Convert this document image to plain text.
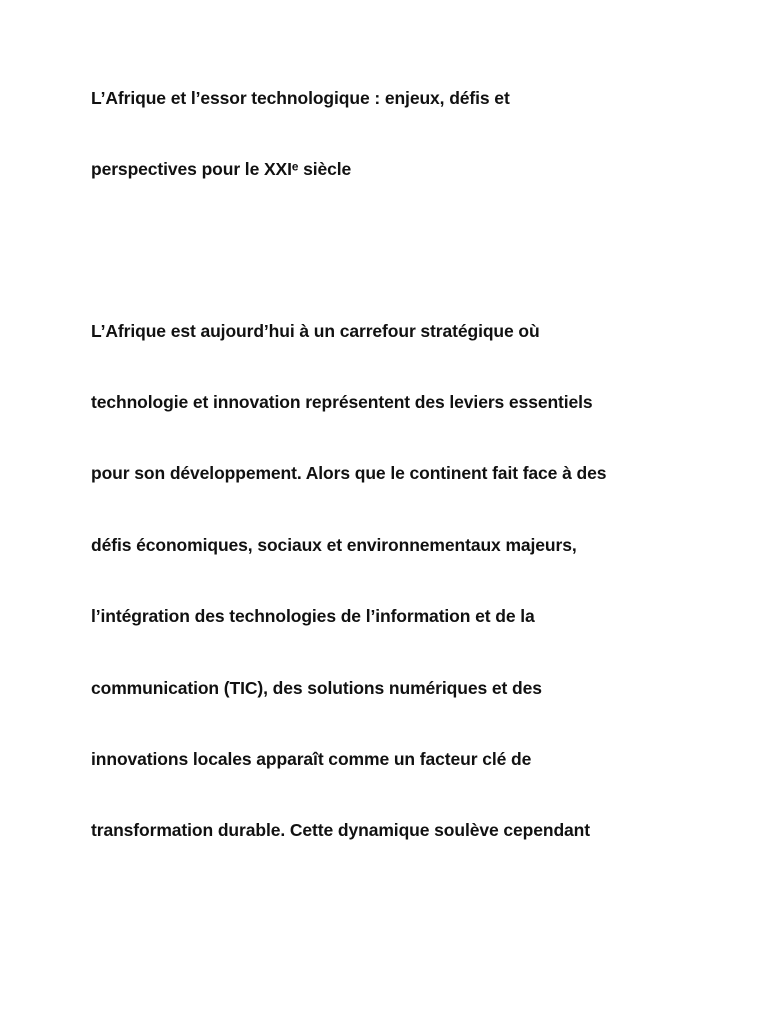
L’Afrique et l’essor technologique : enjeux, défis et
perspectives pour le XXIᵉ siècle
L’Afrique est aujourd’hui à un carrefour stratégique où
technologie et innovation représentent des leviers essentiels
pour son développement. Alors que le continent fait face à des
défis économiques, sociaux et environnementaux majeurs,
l’intégration des technologies de l’information et de la
communication (TIC), des solutions numériques et des
innovations locales apparaît comme un facteur clé de
transformation durable. Cette dynamique soulève cependant
